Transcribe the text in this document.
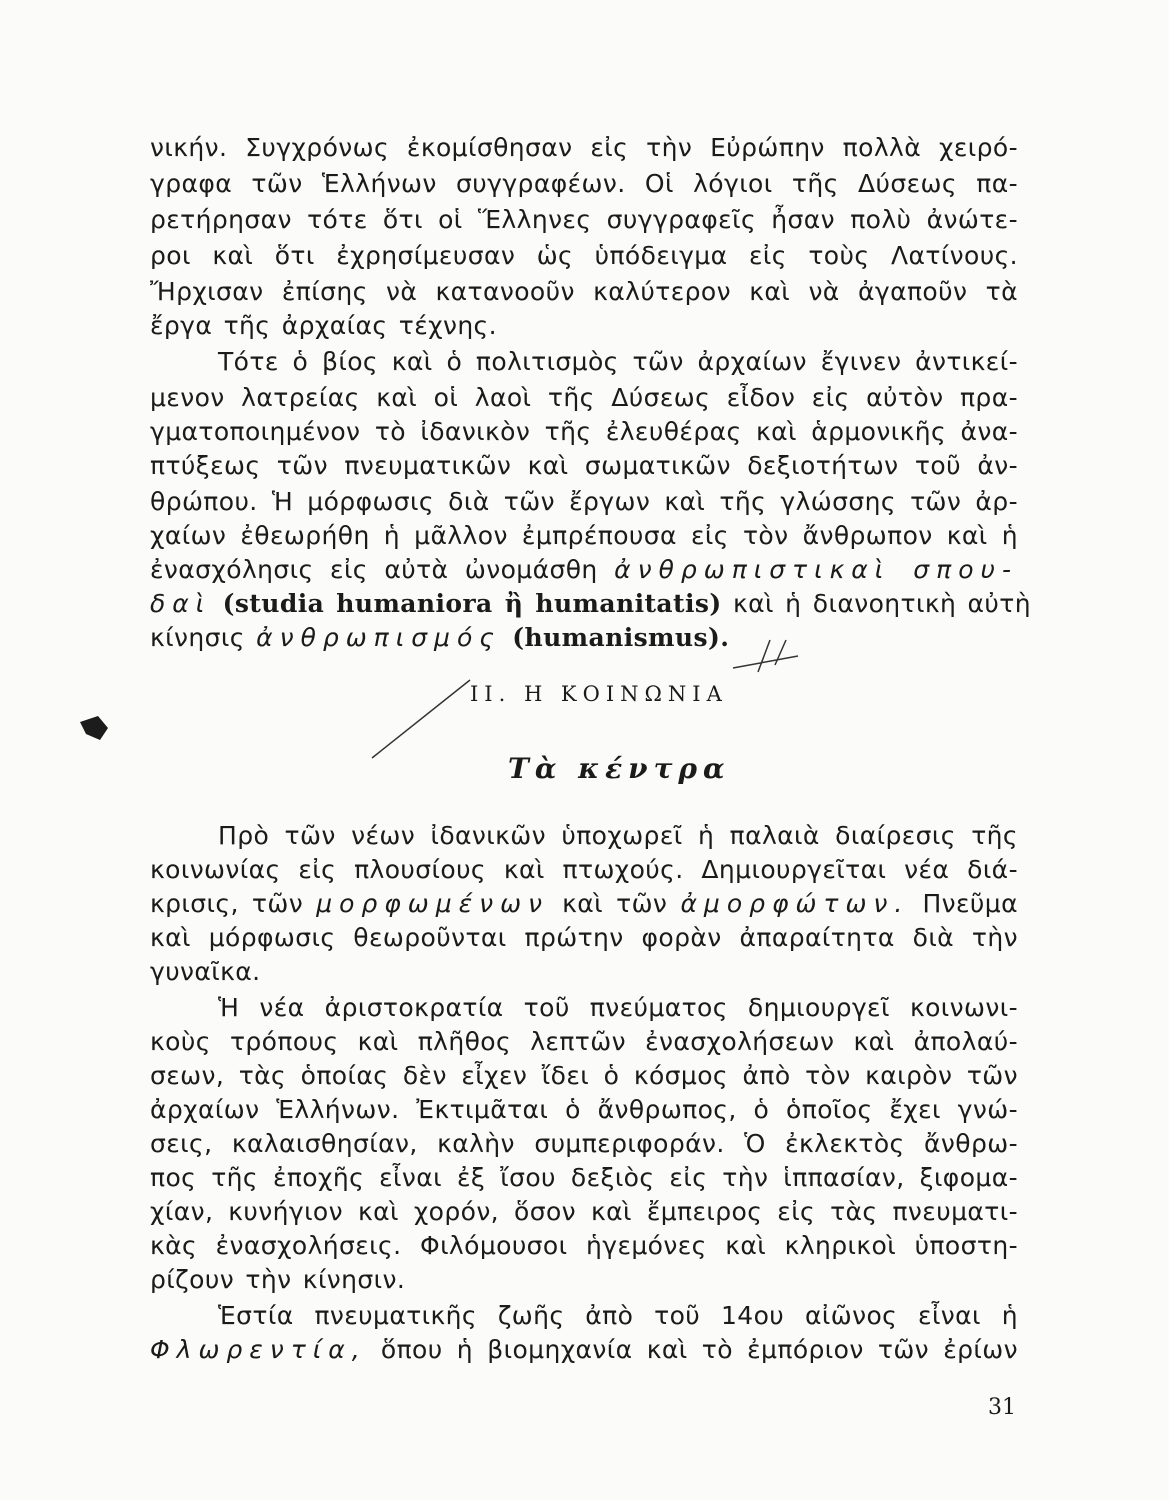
νικήν. Συγχρόνως ἐκομίσθησαν εἰς τὴν Εὐρώπην πολλὰ χειρό-
γραφα τῶν Ἑλλήνων συγγραφέων. Οἱ λόγιοι τῆς Δύσεως πα-
ρετήρησαν τότε ὅτι οἱ Ἕλληνες συγγραφεῖς ἦσαν πολὺ ἀνώτε-
ροι καὶ ὅτι ἐχρησίμευσαν ὡς ὑπόδειγμα εἰς τοὺς Λατίνους.
Ἤρχισαν ἐπίσης νὰ κατανοοῦν καλύτερον καὶ νὰ ἀγαποῦν τὰ
ἔργα τῆς ἀρχαίας τέχνης.
Τότε ὁ βίος καὶ ὁ πολιτισμὸς τῶν ἀρχαίων ἔγινεν ἀντικεί-
μενον λατρείας καὶ οἱ λαοὶ τῆς Δύσεως εἶδον εἰς αὐτὸν πρα-
γματοποιημένον τὸ ἰδανικὸν τῆς ἐλευθέρας καὶ ἁρμονικῆς ἀνα-
πτύξεως τῶν πνευματικῶν καὶ σωματικῶν δεξιοτήτων τοῦ ἀν-
θρώπου. Ἡ μόρφωσις διὰ τῶν ἔργων καὶ τῆς γλώσσης τῶν ἀρ-
χαίων ἐθεωρήθη ἡ μᾶλλον ἐμπρέπουσα εἰς τὸν ἄνθρωπον καὶ ἡ
ἐνασχόλησις εἰς αὐτὰ ὠνομάσθη ἀνθρωπιστικαὶ σπου-
δαὶ (studia humaniora ἢ humanitatis) καὶ ἡ διανοητικὴ αὐτὴ
κίνησις ἀνθρωπισμός (humanismus).
II. Η ΚΟΙΝΩΝΙΑ
Τὰ κέντρα
Πρὸ τῶν νέων ἰδανικῶν ὑποχωρεῖ ἡ παλαιὰ διαίρεσις τῆς
κοινωνίας εἰς πλουσίους καὶ πτωχούς. Δημιουργεῖται νέα διά-
κρισις, τῶν μορφωμένων καὶ τῶν ἀμορφώτων. Πνεῦμα
καὶ μόρφωσις θεωροῦνται πρώτην φορὰν ἀπαραίτητα διὰ τὴν
γυναῖκα.
Ἡ νέα ἀριστοκρατία τοῦ πνεύματος δημιουργεῖ κοινωνι-
κοὺς τρόπους καὶ πλῆθος λεπτῶν ἐνασχολήσεων καὶ ἀπολαύ-
σεων, τὰς ὁποίας δὲν εἶχεν ἴδει ὁ κόσμος ἀπὸ τὸν καιρὸν τῶν
ἀρχαίων Ἑλλήνων. Ἐκτιμᾶται ὁ ἄνθρωπος, ὁ ὁποῖος ἔχει γνώ-
σεις, καλαισθησίαν, καλὴν συμπεριφοράν. Ὁ ἐκλεκτὸς ἄνθρω-
πος τῆς ἐποχῆς εἶναι ἐξ ἴσου δεξιὸς εἰς τὴν ἱππασίαν, ξιφομα-
χίαν, κυνήγιον καὶ χορόν, ὅσον καὶ ἔμπειρος εἰς τὰς πνευματι-
κὰς ἐνασχολήσεις. Φιλόμουσοι ἡγεμόνες καὶ κληρικοὶ ὑποστη-
ρίζουν τὴν κίνησιν.
Ἑστία πνευματικῆς ζωῆς ἀπὸ τοῦ 14ου αἰῶνος εἶναι ἡ
Φλωρεντία, ὅπου ἡ βιομηχανία καὶ τὸ ἐμπόριον τῶν ἐρίων
31
